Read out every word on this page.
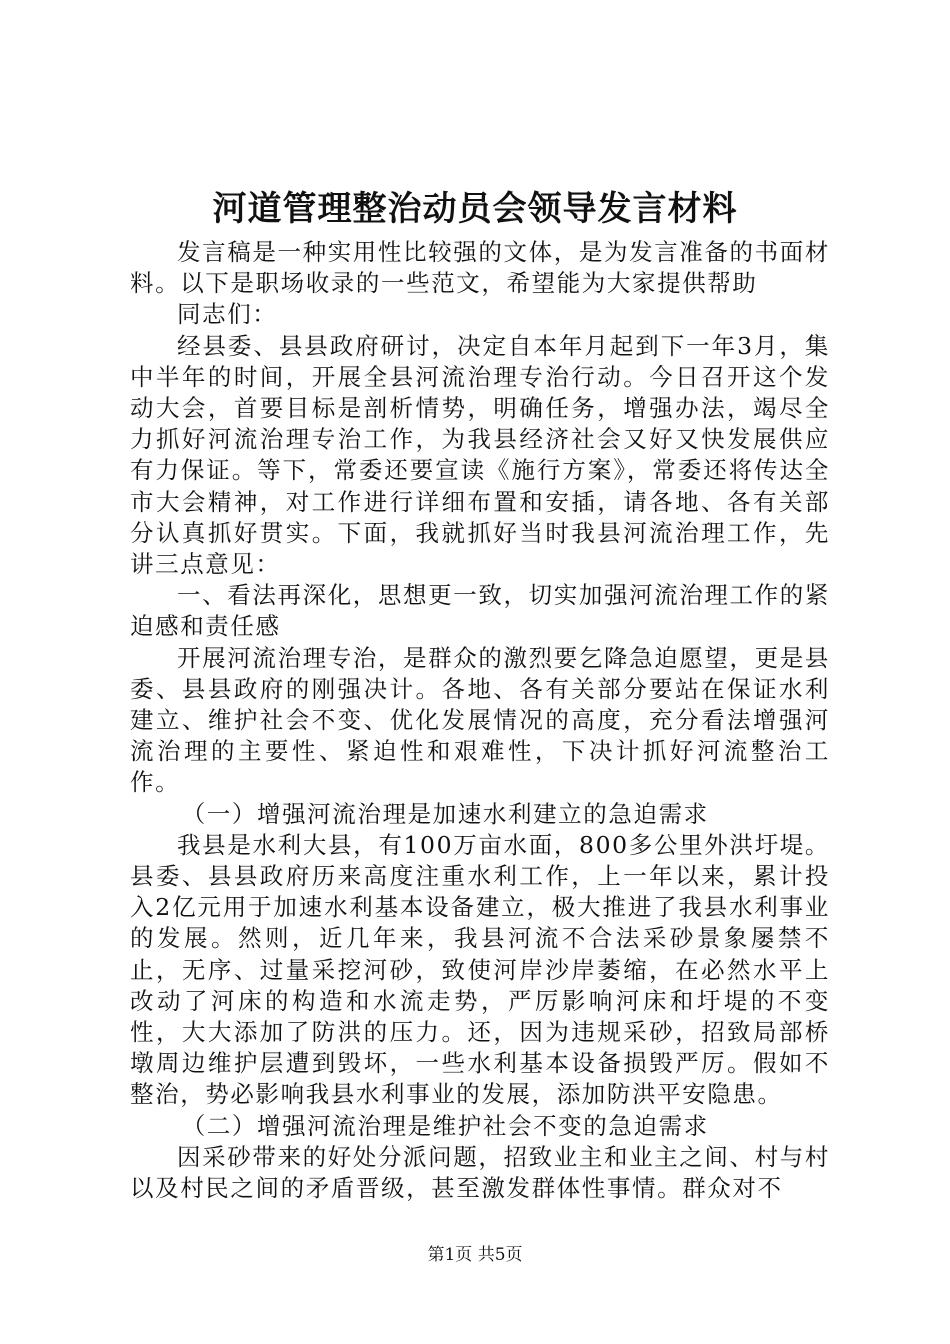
河道管理整治动员会领导发言材料

发言稿是一种实用性比较强的文体，是为发言准备的书面材料。以下是职场收录的一些范文，希望能为大家提供帮助

同志们：

经县委、县县政府研讨，决定自本年月起到下一年3月，集中半年的时间，开展全县河流治理专治行动。今日召开这个发动大会，首要目标是剖析情势，明确任务，增强办法，竭尽全力抓好河流治理专治工作，为我县经济社会又好又快发展供应有力保证。等下，常委还要宣读《施行方案》，常委还将传达全市大会精神，对工作进行详细布置和安插，请各地、各有关部分认真抓好贯实。下面，我就抓好当时我县河流治理工作，先讲三点意见：

一、看法再深化，思想更一致，切实加强河流治理工作的紧迫感和责任感

开展河流治理专治，是群众的激烈要乞降急迫愿望，更是县委、县县政府的刚强决计。各地、各有关部分要站在保证水利建立、维护社会不变、优化发展情况的高度，充分看法增强河流治理的主要性、紧迫性和艰难性，下决计抓好河流整治工作。

（一）增强河流治理是加速水利建立的急迫需求

我县是水利大县，有100万亩水面，800多公里外洪圩堤。县委、县县政府历来高度注重水利工作，上一年以来，累计投入2亿元用于加速水利基本设备建立，极大推进了我县水利事业的发展。然则，近几年来，我县河流不合法采砂景象屡禁不止，无序、过量采挖河砂，致使河岸沙岸萎缩，在必然水平上改动了河床的构造和水流走势，严厉影响河床和圩堤的不变性，大大添加了防洪的压力。还，因为违规采砂，招致局部桥墩周边维护层遭到毁坏，一些水利基本设备损毁严厉。假如不整治，势必影响我县水利事业的发展，添加防洪平安隐患。

（二）增强河流治理是维护社会不变的急迫需求

因采砂带来的好处分派问题，招致业主和业主之间、村与村以及村民之间的矛盾晋级，甚至激发群体性事情。群众对不

第1页 共5页
